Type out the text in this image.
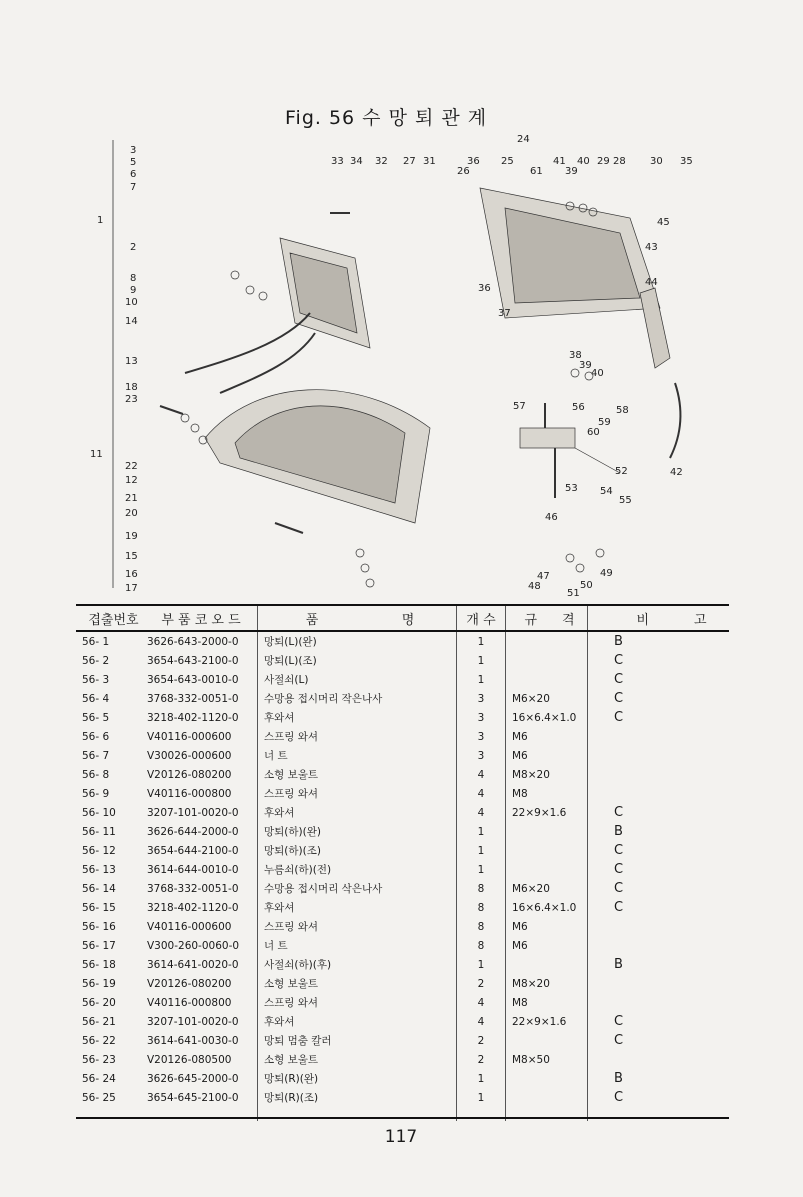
Fig. 56 수 망 퇴 관 계
1
2
3
5
6
7
8
9
10
11
12
13
14
15
16
17
18
19
20
21
22
23
24
25
26
27	28
29	30
31
32
33 34	35
36
39
40
41
42
43
44
45
61
36
37
38
39
40
46
47
48
49
50
51
52
53 54
55
56
57	58
59
60
겹출번호	부 품 코 오 드	품 명	개 수	규 격	비 고

56- 1	3626-643-2000-0	망퇴(L)(완)	1		B
56- 2	3654-643-2100-0	망퇴(L)(조)	1		C
56- 3	3654-643-0010-0	사절쇠(L)	1		C
56- 4	3768-332-0051-0	수망용 접시머리 작은나사	3	M6×20	C
56- 5	3218-402-1120-0	후와셔	3	16×6.4×1.0	C
56- 6	V40116-000600	스프링 와셔	3	M6	
56- 7	V30026-000600	너 트	3	M6	
56- 8	V20126-080200	소형 보울트	4	M8×20	
56- 9	V40116-000800	스프링 와셔	4	M8	
56- 10	3207-101-0020-0	후와셔	4	22×9×1.6	C
56- 11	3626-644-2000-0	망퇴(하)(완)	1		B
56- 12	3654-644-2100-0	망퇴(하)(조)	1		C
56- 13	3614-644-0010-0	누름쇠(하)(전)	1		C
56- 14	3768-332-0051-0	수망용 접시머리 삭은나사	8	M6×20	C
56- 15	3218-402-1120-0	후와셔	8	16×6.4×1.0	C
56- 16	V40116-000600	스프링 와셔	8	M6	
56- 17	V300-260-0060-0	너 트	8	M6	
56- 18	3614-641-0020-0	사절쇠(하)(후)	1		B
56- 19	V20126-080200	소형 보울트	2	M8×20	
56- 20	V40116-000800	스프링 와셔	4	M8	
56- 21	3207-101-0020-0	후와셔	4	22×9×1.6	C
56- 22	3614-641-0030-0	망퇴 멈춤 칼러	2		C
56- 23	V20126-080500	소형 보울트	2	M8×50	
56- 24	3626-645-2000-0	망퇴(R)(완)	1		B
56- 25	3654-645-2100-0	망퇴(R)(조)	1		C
117
